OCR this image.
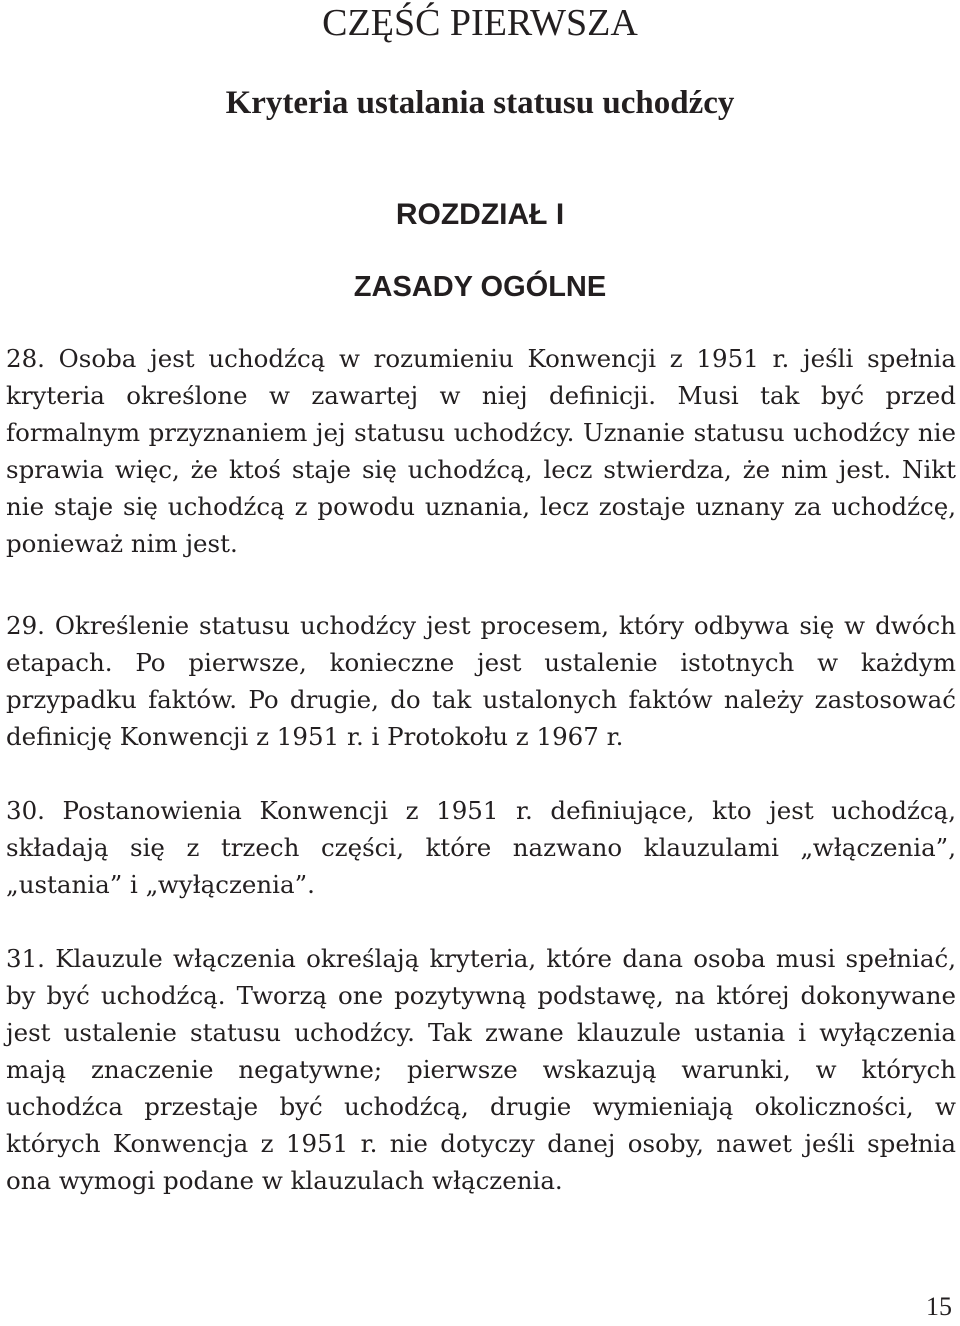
CZĘŚĆ PIERWSZA
Kryteria ustalania statusu uchodźcy
ROZDZIAŁ I
ZASADY OGÓLNE

28. Osoba jest uchodźcą w rozumieniu Konwencji z 1951 r. jeśli spełnia kryteria określone w zawartej w niej definicji. Musi tak być przed formalnym przyznaniem jej statusu uchodźcy. Uznanie statusu uchodźcy nie sprawia więc, że ktoś staje się uchodźcą, lecz stwierdza, że nim jest. Nikt nie staje się uchodźcą z powodu uznania, lecz zostaje uznany za uchodźcę, ponieważ nim jest.

29. Określenie statusu uchodźcy jest procesem, który odbywa się w dwóch etapach. Po pierwsze, konieczne jest ustalenie istotnych w każdym przypadku faktów. Po drugie, do tak ustalonych faktów należy zastosować definicję Konwencji z 1951 r. i Protokołu z 1967 r.

30. Postanowienia Konwencji z 1951 r. definiujące, kto jest uchodźcą, składają się z trzech części, które nazwano klauzulami „włączenia”, „ustania” i „wyłączenia”.

31. Klauzule włączenia określają kryteria, które dana osoba musi spełniać, by być uchodźcą. Tworzą one pozytywną podstawę, na której dokonywane jest ustalenie statusu uchodźcy. Tak zwane klauzule ustania i wyłączenia mają znaczenie negatywne; pierwsze wskazują warunki, w których uchodźca przestaje być uchodźcą, drugie wymieniają okoliczności, w których Konwencja z 1951 r. nie dotyczy danej osoby, nawet jeśli spełnia ona wymogi podane w klauzulach włączenia.

15
